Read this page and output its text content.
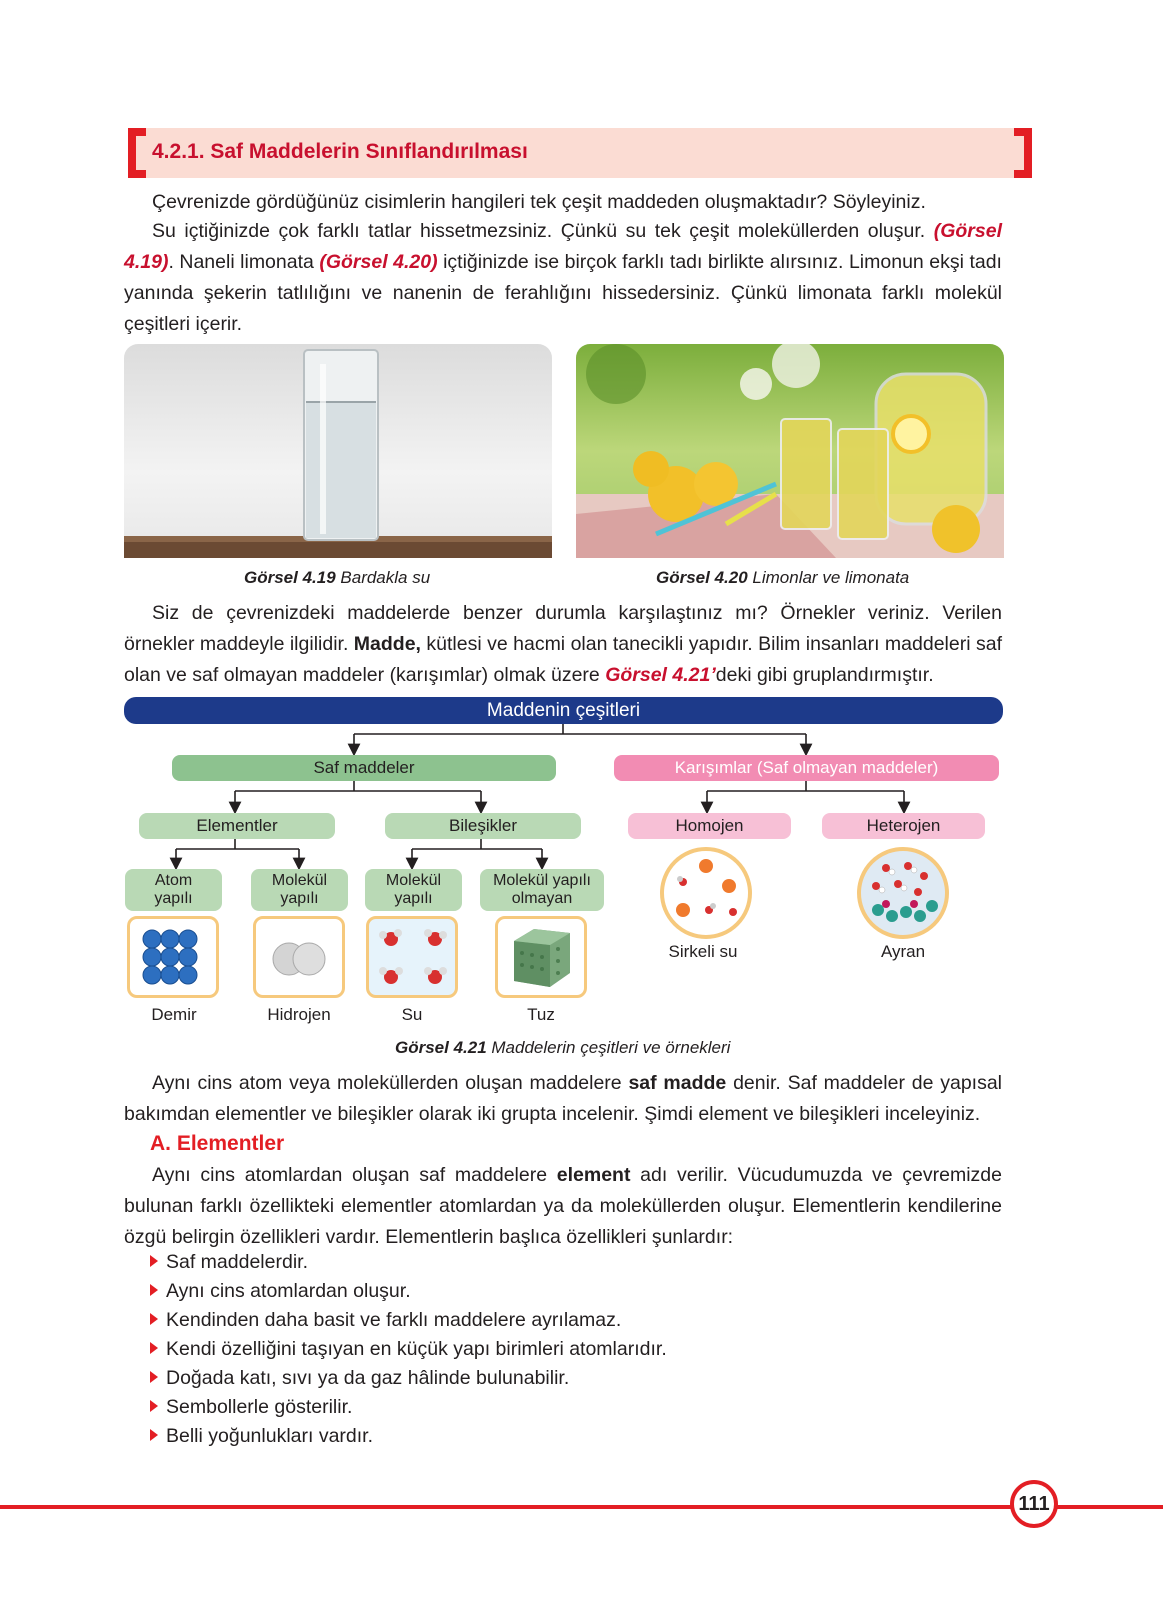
4.2.1. Saf Maddelerin Sınıflandırılması

Çevrenizde gördüğünüz cisimlerin hangileri tek çeşit maddeden oluşmaktadır? Söyleyiniz.

Su içtiğinizde çok farklı tatlar hissetmezsiniz. Çünkü su tek çeşit moleküllerden oluşur. (Görsel 4.19). Naneli limonata (Görsel 4.20) içtiğinizde ise birçok farklı tadı birlikte alırsınız. Limonun ekşi tadı yanında şekerin tatlılığını ve nanenin de ferahlığını hissedersiniz. Çünkü limonata farklı molekül çeşitleri içerir.

Görsel 4.19 Bardakla su	Görsel 4.20 Limonlar ve limonata

Siz de çevrenizdeki maddelerde benzer durumla karşılaştınız mı? Örnekler veriniz. Verilen örnekler maddeyle ilgilidir. Madde, kütlesi ve hacmi olan tanecikli yapıdır. Bilim insanları maddeleri saf olan ve saf olmayan maddeler (karışımlar) olmak üzere Görsel 4.21’deki gibi gruplandırmıştır.

Maddenin çeşitleri
Saf maddeler	Karışımlar (Saf olmayan maddeler)
Elementler	Bileşikler	Homojen	Heterojen
Atom
yapılı
Molekül
yapılı
Molekül
yapılı
Molekül yapılı
olmayan
Demir	Hidrojen	Su	Tuz
Sirkeli su	Ayran
Görsel 4.21 Maddelerin çeşitleri ve örnekleri

Aynı cins atom veya moleküllerden oluşan maddelere saf madde denir. Saf maddeler de yapısal bakımdan elementler ve bileşikler olarak iki grupta incelenir. Şimdi element ve bileşikleri inceleyiniz.

A. Elementler

Aynı cins atomlardan oluşan saf maddelere element adı verilir. Vücudumuzda ve çevremizde bulunan farklı özellikteki elementler atomlardan ya da moleküllerden oluşur. Elementlerin kendilerine özgü belirgin özellikleri vardır. Elementlerin başlıca özellikleri şunlardır:

Saf maddelerdir.
Aynı cins atomlardan oluşur.
Kendinden daha basit ve farklı maddelere ayrılamaz.
Kendi özelliğini taşıyan en küçük yapı birimleri atomlarıdır.
Doğada katı, sıvı ya da gaz hâlinde bulunabilir.
Sembollerle gösterilir.
Belli yoğunlukları vardır.
111
